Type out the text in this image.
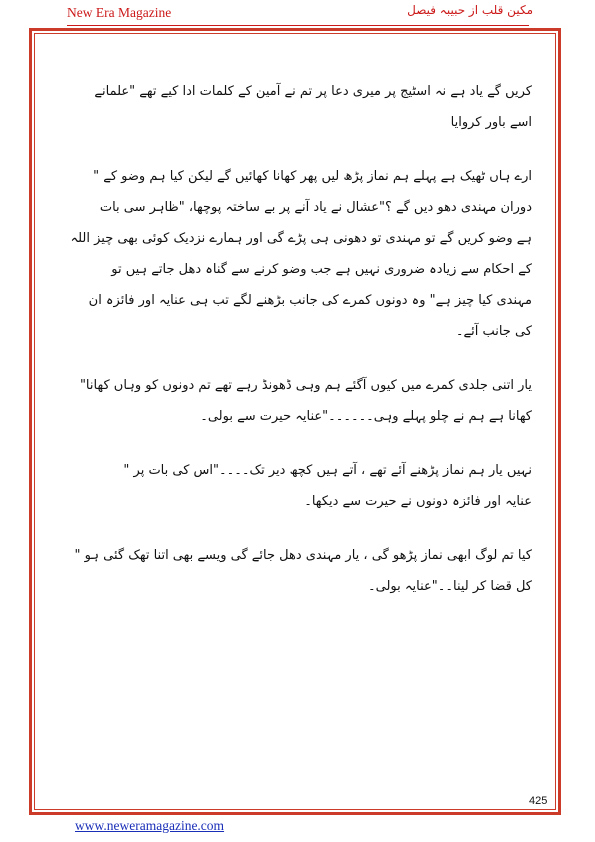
New Era Magazine	مکین قلب از حبیبہ فیصل
کریں گے یاد ہے نہ اسٹیج پر میری دعا پر تم نے آمین کے کلمات ادا کیے تھے "علمانے
اسے باور کروایا
ارے ہاں ٹھیک ہے پہلے ہم نماز پڑھ لیں پھر کھانا کھائیں گے لیکن کیا ہم وضو کے "
دوران مہندی دھو دیں گے ؟"عشال نے یاد آنے پر بے ساختہ پوچھا، "ظاہر سی بات
ہے وضو کریں گے تو مہندی تو دھونی ہی پڑے گی اور ہمارے نزدیک کوئی بھی چیز اللہ
کے احکام سے زیادہ ضروری نہیں ہے جب وضو کرنے سے گناہ دھل جاتے ہیں تو
مہندی کیا چیز ہے" وہ دونوں کمرے کی جانب بڑھنے لگے تب ہی عنایہ اور فائزہ ان
کی جانب آئے۔
یار اتنی جلدی کمرے میں کیوں آگئے ہم وہی ڈھونڈ رہے تھے تم دونوں کو وہاں کھانا"
کھانا ہے ہم نے چلو پہلے وہی۔۔۔۔۔۔"عنایہ حیرت سے بولی۔
نہیں یار ہم نماز پڑھنے آئے تھے ، آتے ہیں کچھ دیر تک۔۔۔۔"اس کی بات پر "
عنایہ اور فائزہ دونوں نے حیرت سے دیکھا۔
کیا تم لوگ ابھی نماز پڑھو گی ، یار مہندی دھل جائے گی ویسے بھی اتنا تھک گئی ہو "
کل قضا کر لینا۔۔"عنایہ بولی۔
425
www.neweramagazine.com
